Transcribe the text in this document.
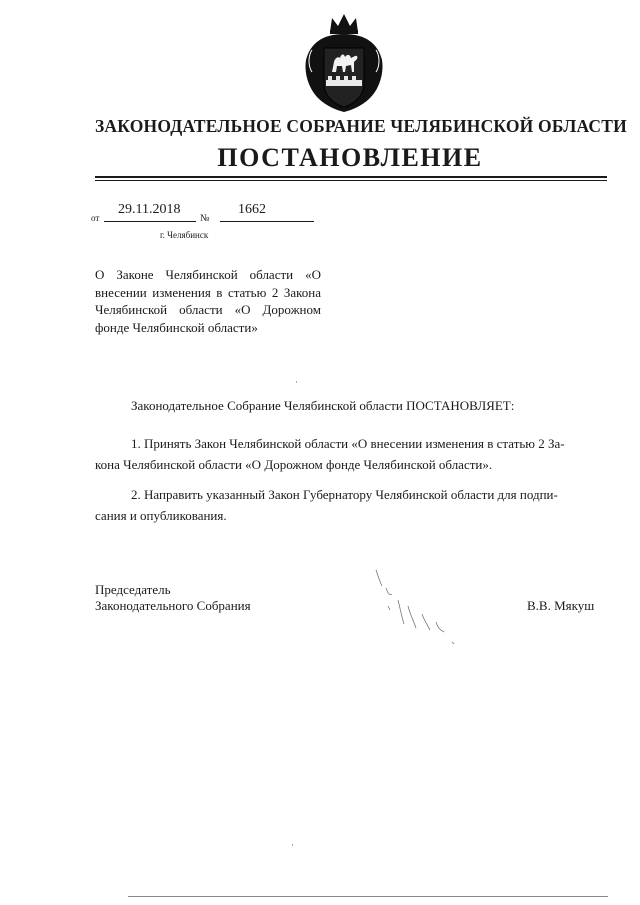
ЗАКОНОДАТЕЛЬНОЕ СОБРАНИЕ ЧЕЛЯБИНСКОЙ ОБЛАСТИ
ПОСТАНОВЛЕНИЕ
от
29.11.2018
№
1662
г. Челябинск
О Законе Челябинской области «О внесении изменения в статью 2 Закона Челябинской области «О Дорожном фонде Челябинской области»
Законодательное Собрание Челябинской области ПОСТАНОВЛЯЕТ:
1. Принять Закон Челябинской области «О внесении изменения в статью 2 За-
кона Челябинской области «О Дорожном фонде Челябинской области».
2. Направить указанный Закон Губернатору Челябинской области для подпи-
сания и опубликования.
Председатель
Законодательного Собрания	В.В. Мякуш
